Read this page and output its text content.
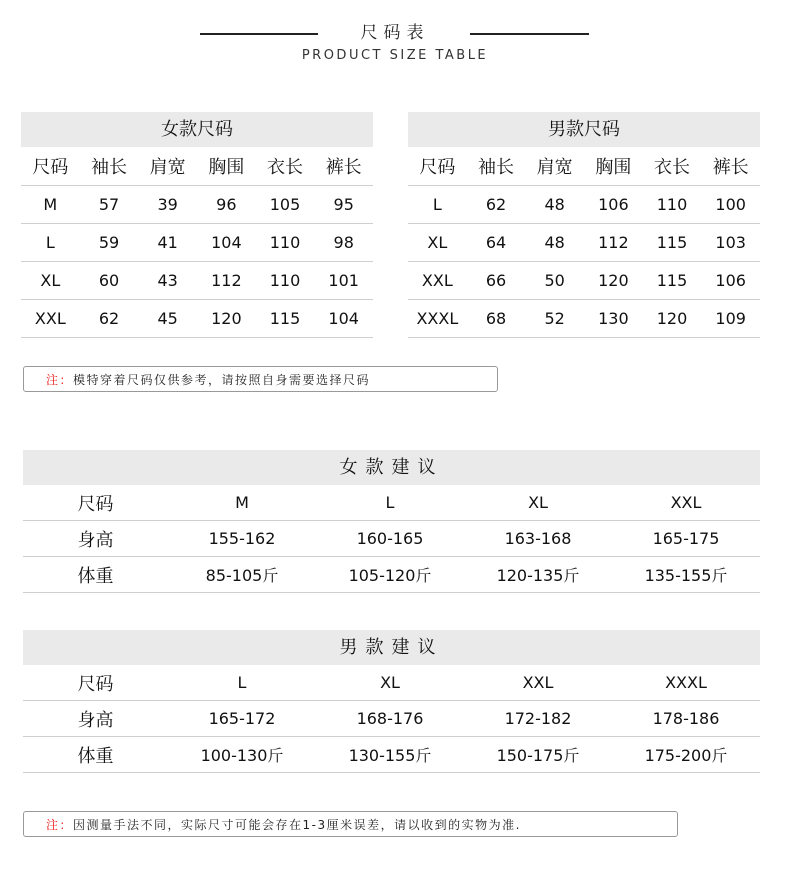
尺码表
PRODUCT SIZE TABLE
女款尺码
尺码	袖长	肩宽	胸围	衣长	裤长
M	57	39	96	105	95
L	59	41	104	110	98
XL	60	43	112	110	101
XXL	62	45	120	115	104
男款尺码
尺码	袖长	肩宽	胸围	衣长	裤长
L	62	48	106	110	100
XL	64	48	112	115	103
XXL	66	50	120	115	106
XXXL	68	52	130	120	109
注：模特穿着尺码仅供参考，请按照自身需要选择尺码
女款建议
尺码	M	L	XL	XXL
身高	155-162	160-165	163-168	165-175
体重	85-105斤	105-120斤	120-135斤	135-155斤
男款建议
尺码	L	XL	XXL	XXXL
身高	165-172	168-176	172-182	178-186
体重	100-130斤	130-155斤	150-175斤	175-200斤
注：因测量手法不同，实际尺寸可能会存在1-3厘米误差，请以收到的实物为准.
